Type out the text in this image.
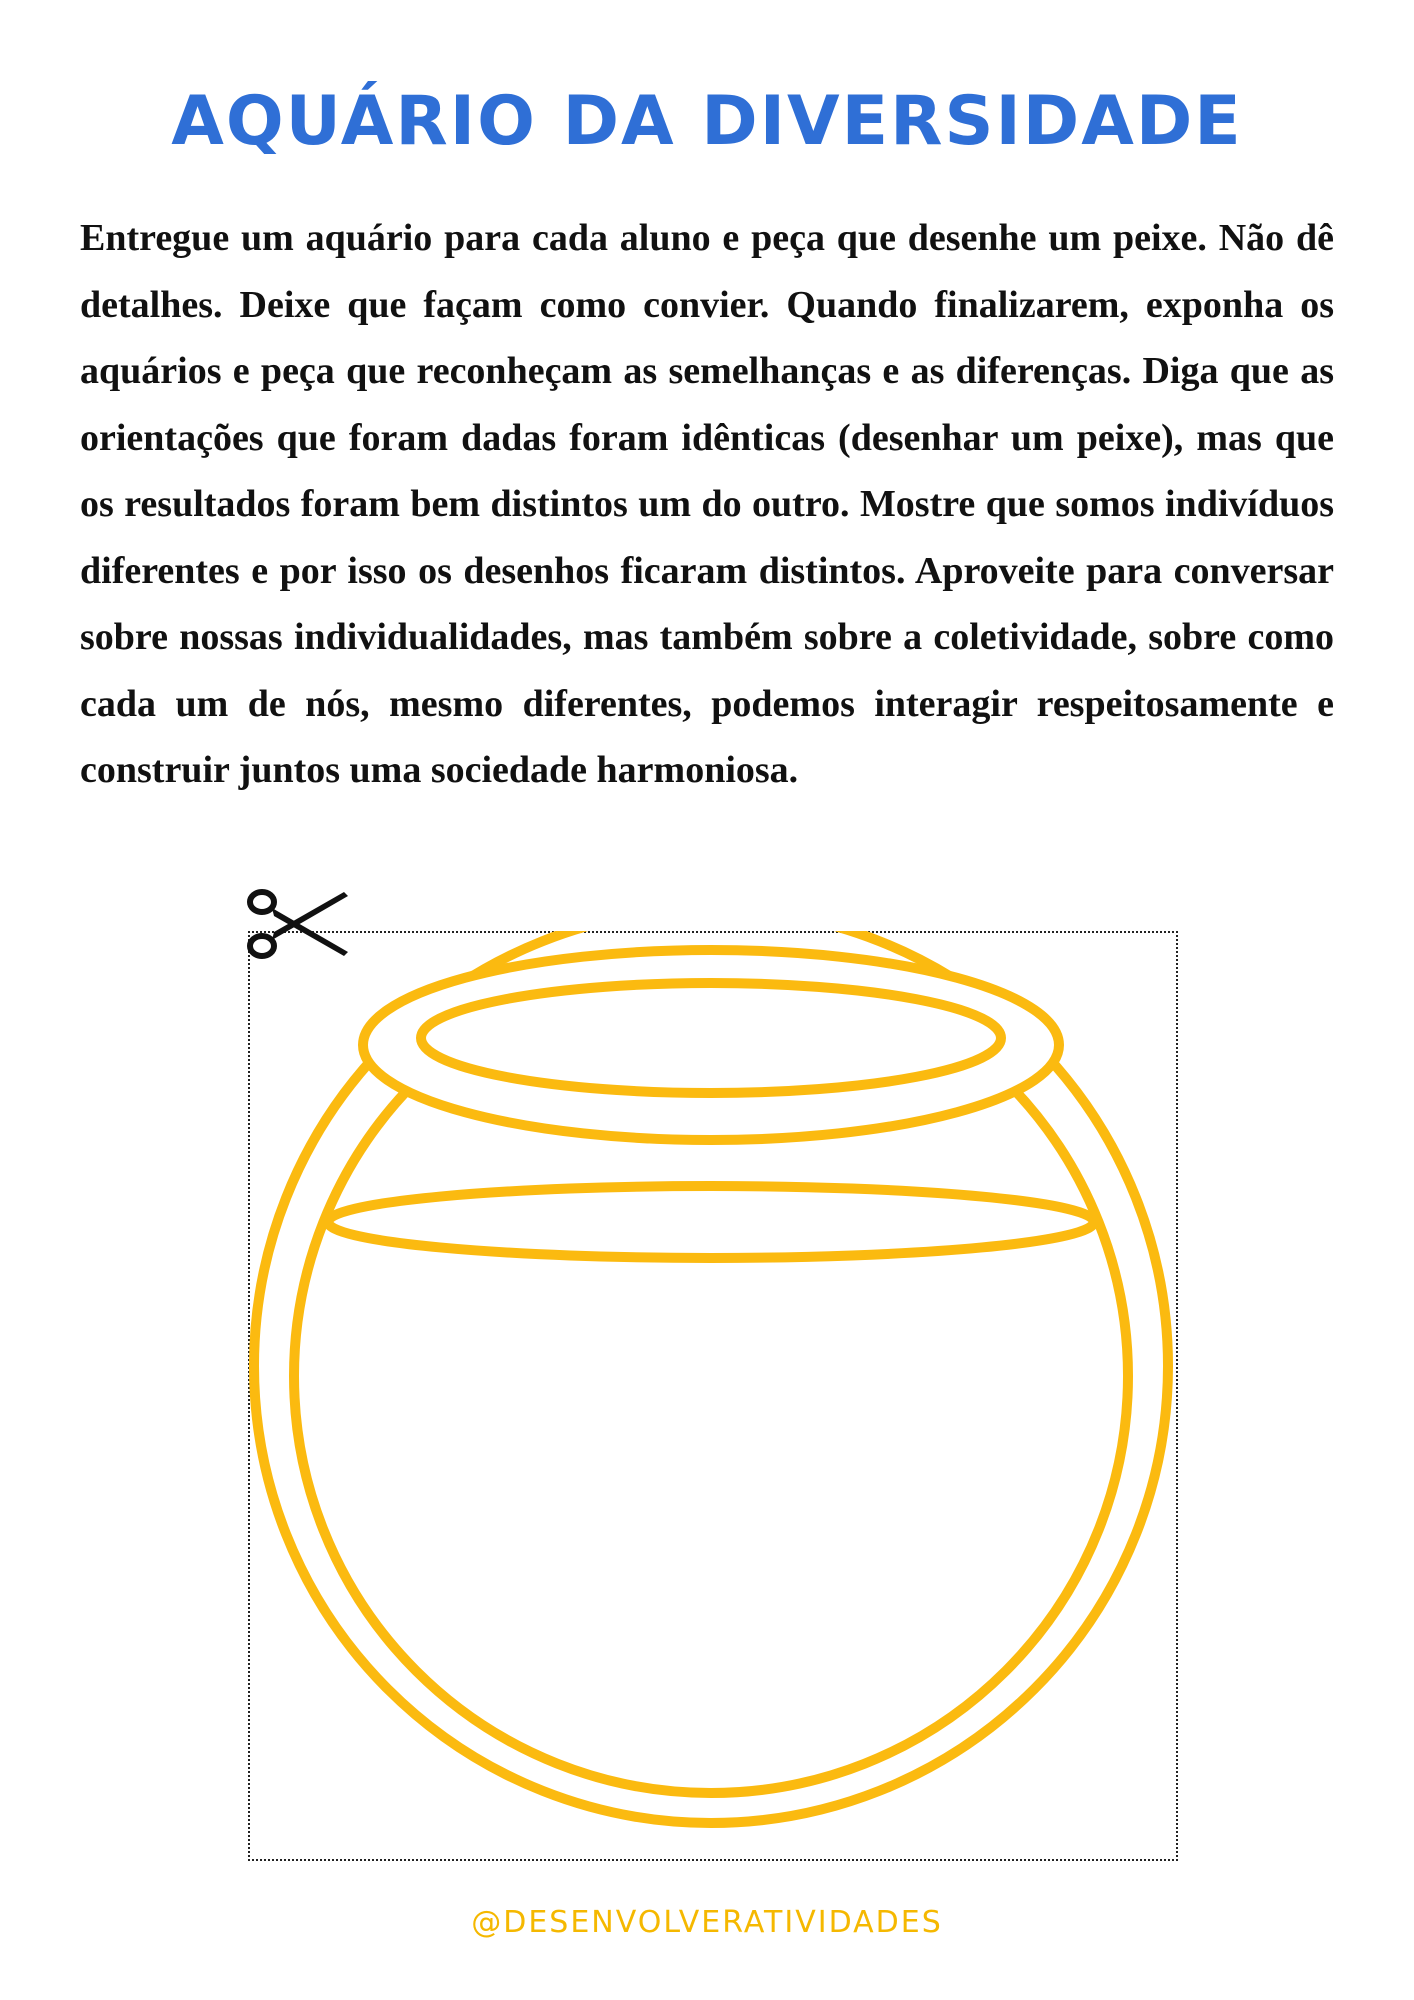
AQUÁRIO DA DIVERSIDADE
Entregue um aquário para cada aluno e peça que desenhe um peixe. Não dê detalhes. Deixe que façam como convier. Quando finalizarem, exponha os aquários e peça que reconheçam as semelhanças e as diferenças. Diga que as orientações que foram dadas foram idênticas (desenhar um peixe), mas que os resultados foram bem distintos um do outro. Mostre que somos indivíduos diferentes e por isso os desenhos ficaram distintos. Aproveite para conversar sobre nossas individualidades, mas também sobre a coletividade, sobre como cada um de nós, mesmo diferentes, podemos interagir respeitosamente e construir juntos uma sociedade harmoniosa.
@DESENVOLVERATIVIDADES
